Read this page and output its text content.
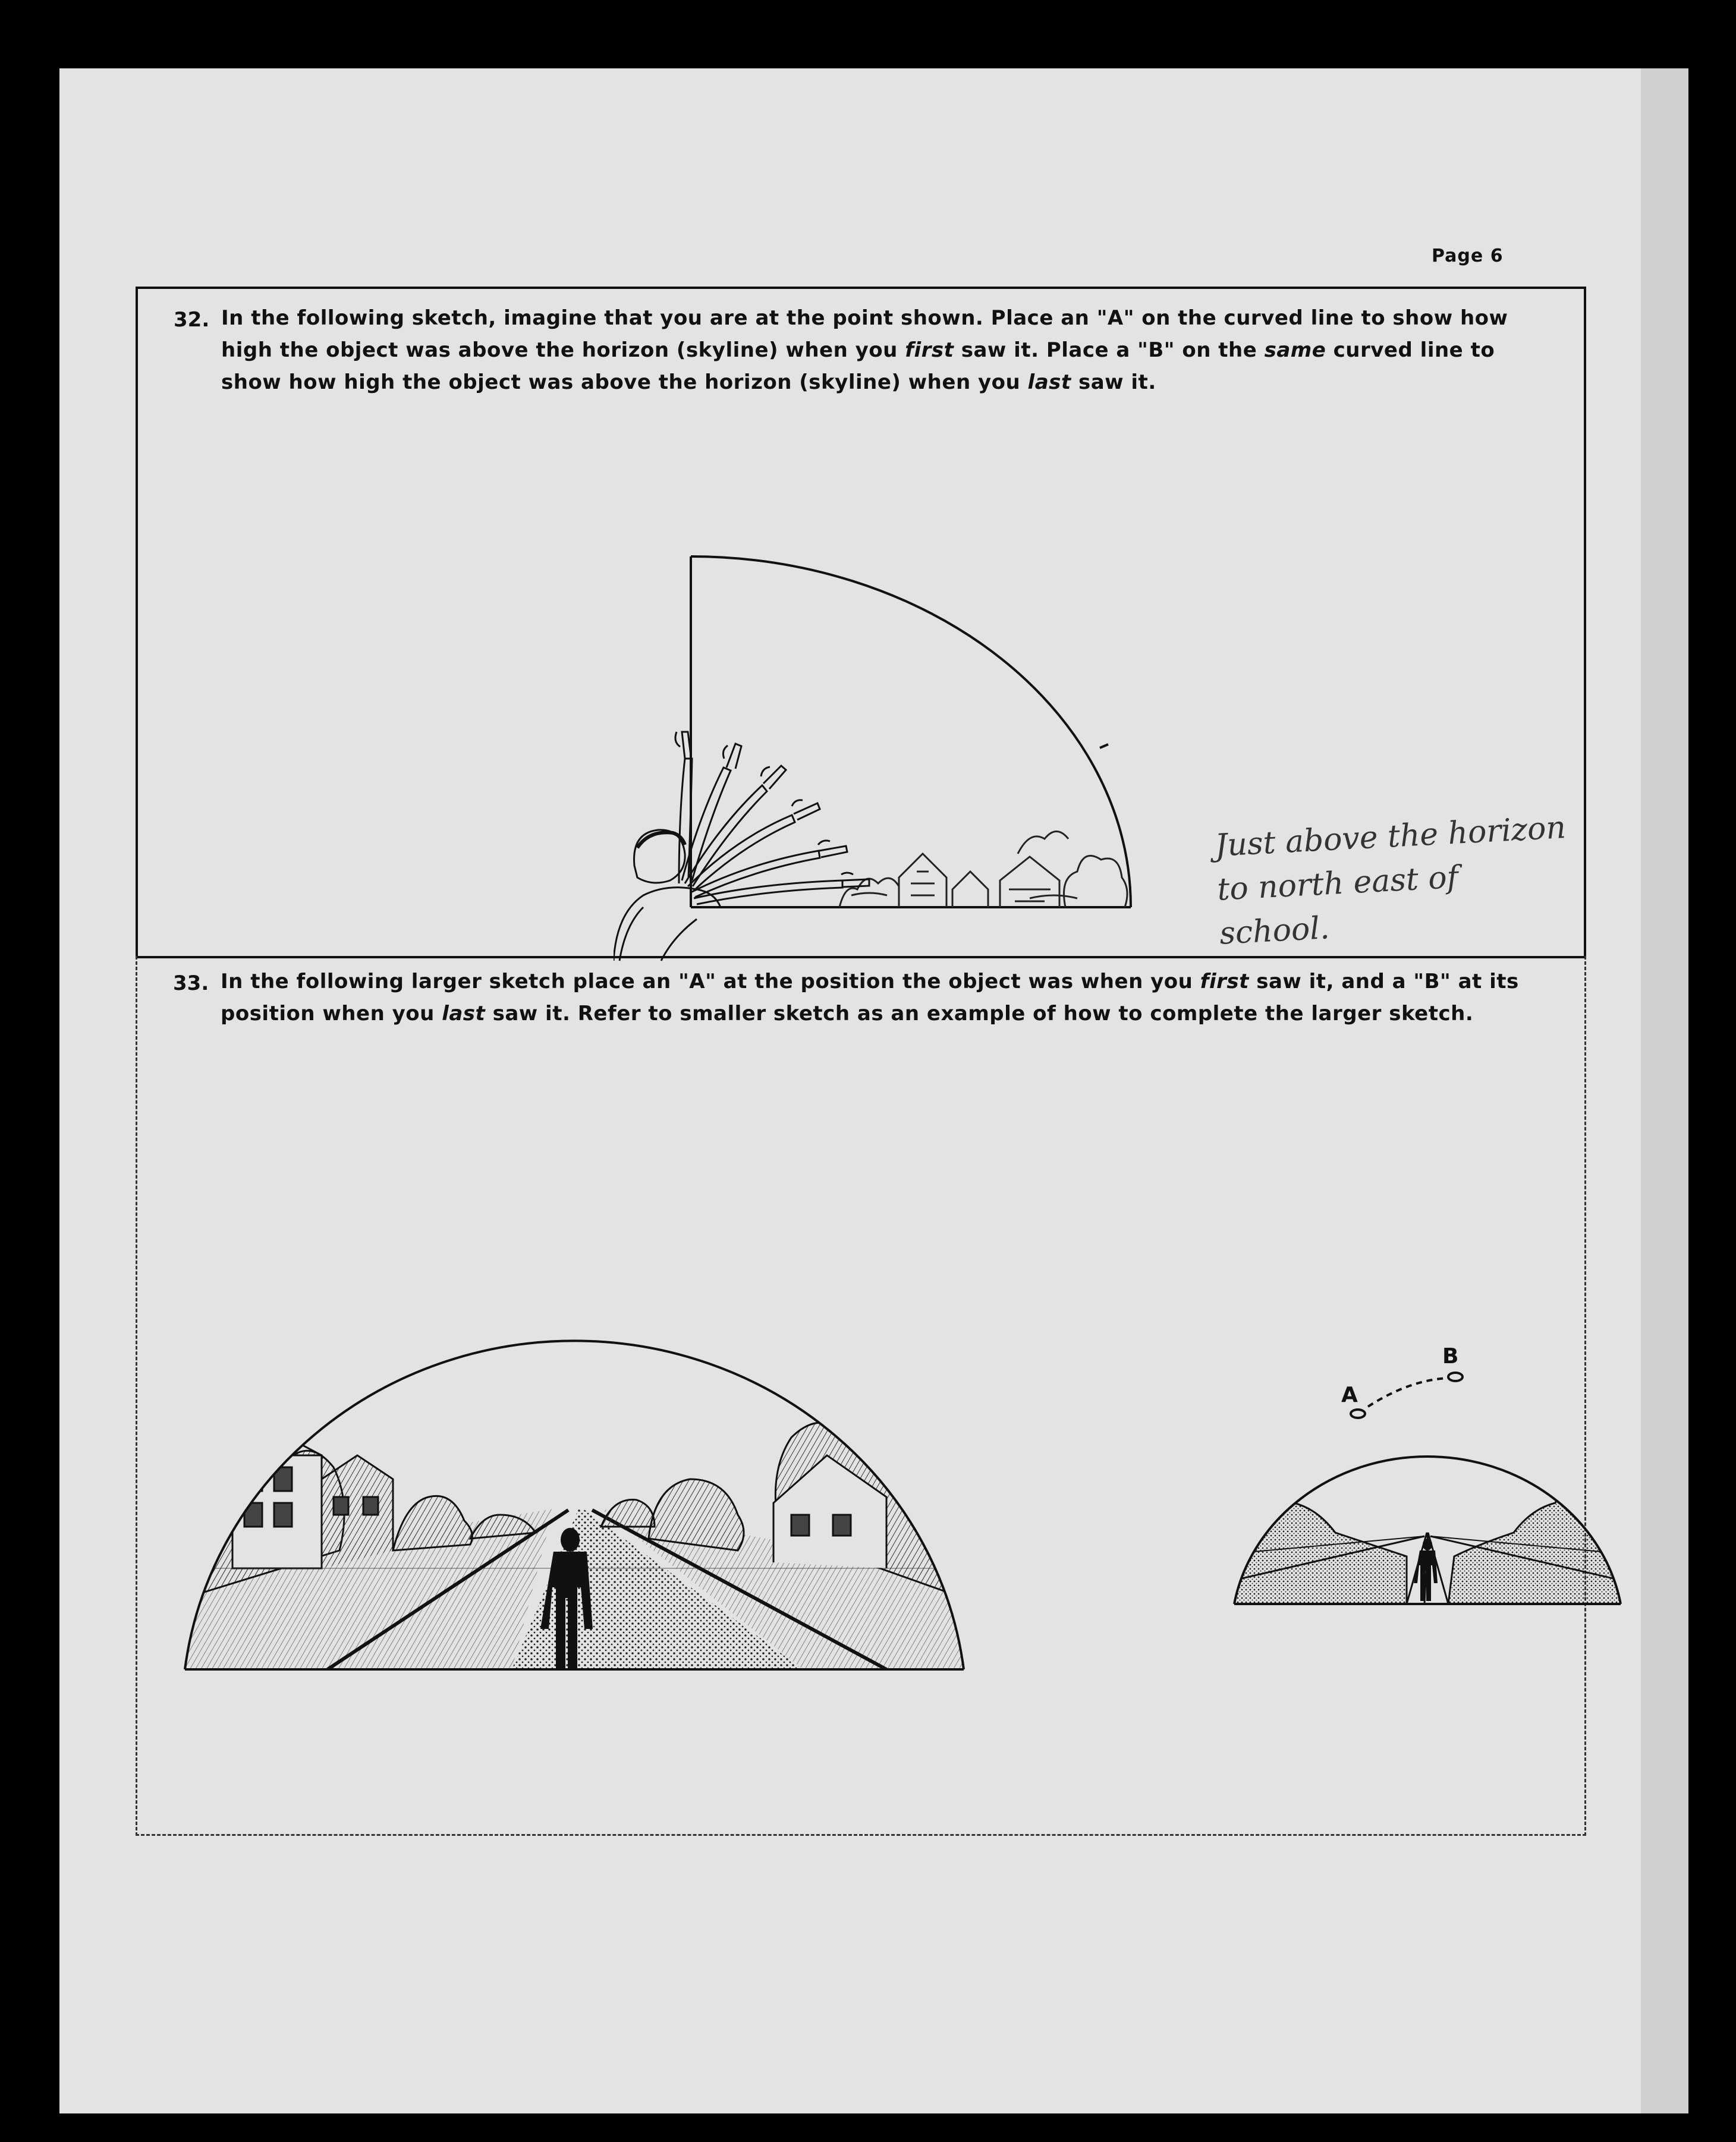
Page 6
32. In the following sketch, imagine that you are at the point shown. Place an "A" on the curved line to show how
high the object was above the horizon (skyline) when you first saw it. Place a "B" on the same curved line to
show how high the object was above the horizon (skyline) when you last saw it.
Just above the horizon
to north east of
school.
33. In the following larger sketch place an "A" at the position the object was when you first saw it, and a "B" at its
position when you last saw it. Refer to smaller sketch as an example of how to complete the larger sketch.
A
B
